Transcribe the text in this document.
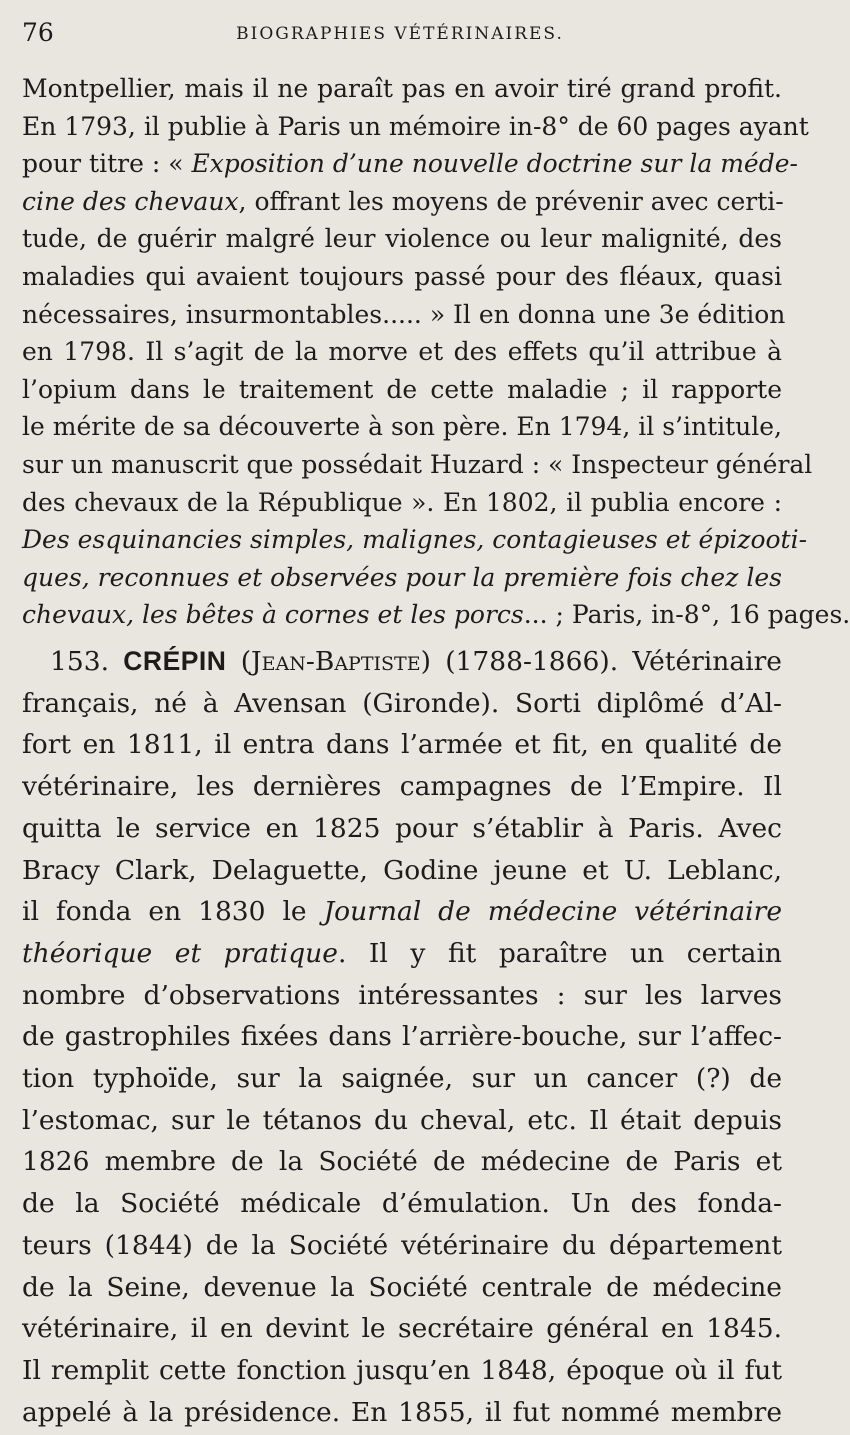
76	BIOGRAPHIES VÉTÉRINAIRES.
Montpellier, mais il ne paraît pas en avoir tiré grand profit.
En 1793, il publie à Paris un mémoire in-8° de 60 pages ayant
pour titre : « Exposition d’une nouvelle doctrine sur la méde-
cine des chevaux, offrant les moyens de prévenir avec certi-
tude, de guérir malgré leur violence ou leur malignité, des
maladies qui avaient toujours passé pour des fléaux, quasi
nécessaires, insurmontables..... » Il en donna une 3e édition
en 1798. Il s’agit de la morve et des effets qu’il attribue à
l’opium dans le traitement de cette maladie ; il rapporte
le mérite de sa découverte à son père. En 1794, il s’intitule,
sur un manuscrit que possédait Huzard : « Inspecteur général
des chevaux de la République ». En 1802, il publia encore :
Des esquinancies simples, malignes, contagieuses et épizooti-
ques, reconnues et observées pour la première fois chez les
chevaux, les bêtes à cornes et les porcs... ; Paris, in-8°, 16 pages.
153. CRÉPIN (Jean-Baptiste) (1788-1866). Vétérinaire
français, né à Avensan (Gironde). Sorti diplômé d’Al-
fort en 1811, il entra dans l’armée et fit, en qualité de
vétérinaire, les dernières campagnes de l’Empire. Il
quitta le service en 1825 pour s’établir à Paris. Avec
Bracy Clark, Delaguette, Godine jeune et U. Leblanc,
il fonda en 1830 le Journal de médecine vétérinaire
théorique et pratique. Il y fit paraître un certain
nombre d’observations intéressantes : sur les larves
de gastrophiles fixées dans l’arrière-bouche, sur l’affec-
tion typhoïde, sur la saignée, sur un cancer (?) de
l’estomac, sur le tétanos du cheval, etc. Il était depuis
1826 membre de la Société de médecine de Paris et
de la Société médicale d’émulation. Un des fonda-
teurs (1844) de la Société vétérinaire du département
de la Seine, devenue la Société centrale de médecine
vétérinaire, il en devint le secrétaire général en 1845.
Il remplit cette fonction jusqu’en 1848, époque où il fut
appelé à la présidence. En 1855, il fut nommé membre
